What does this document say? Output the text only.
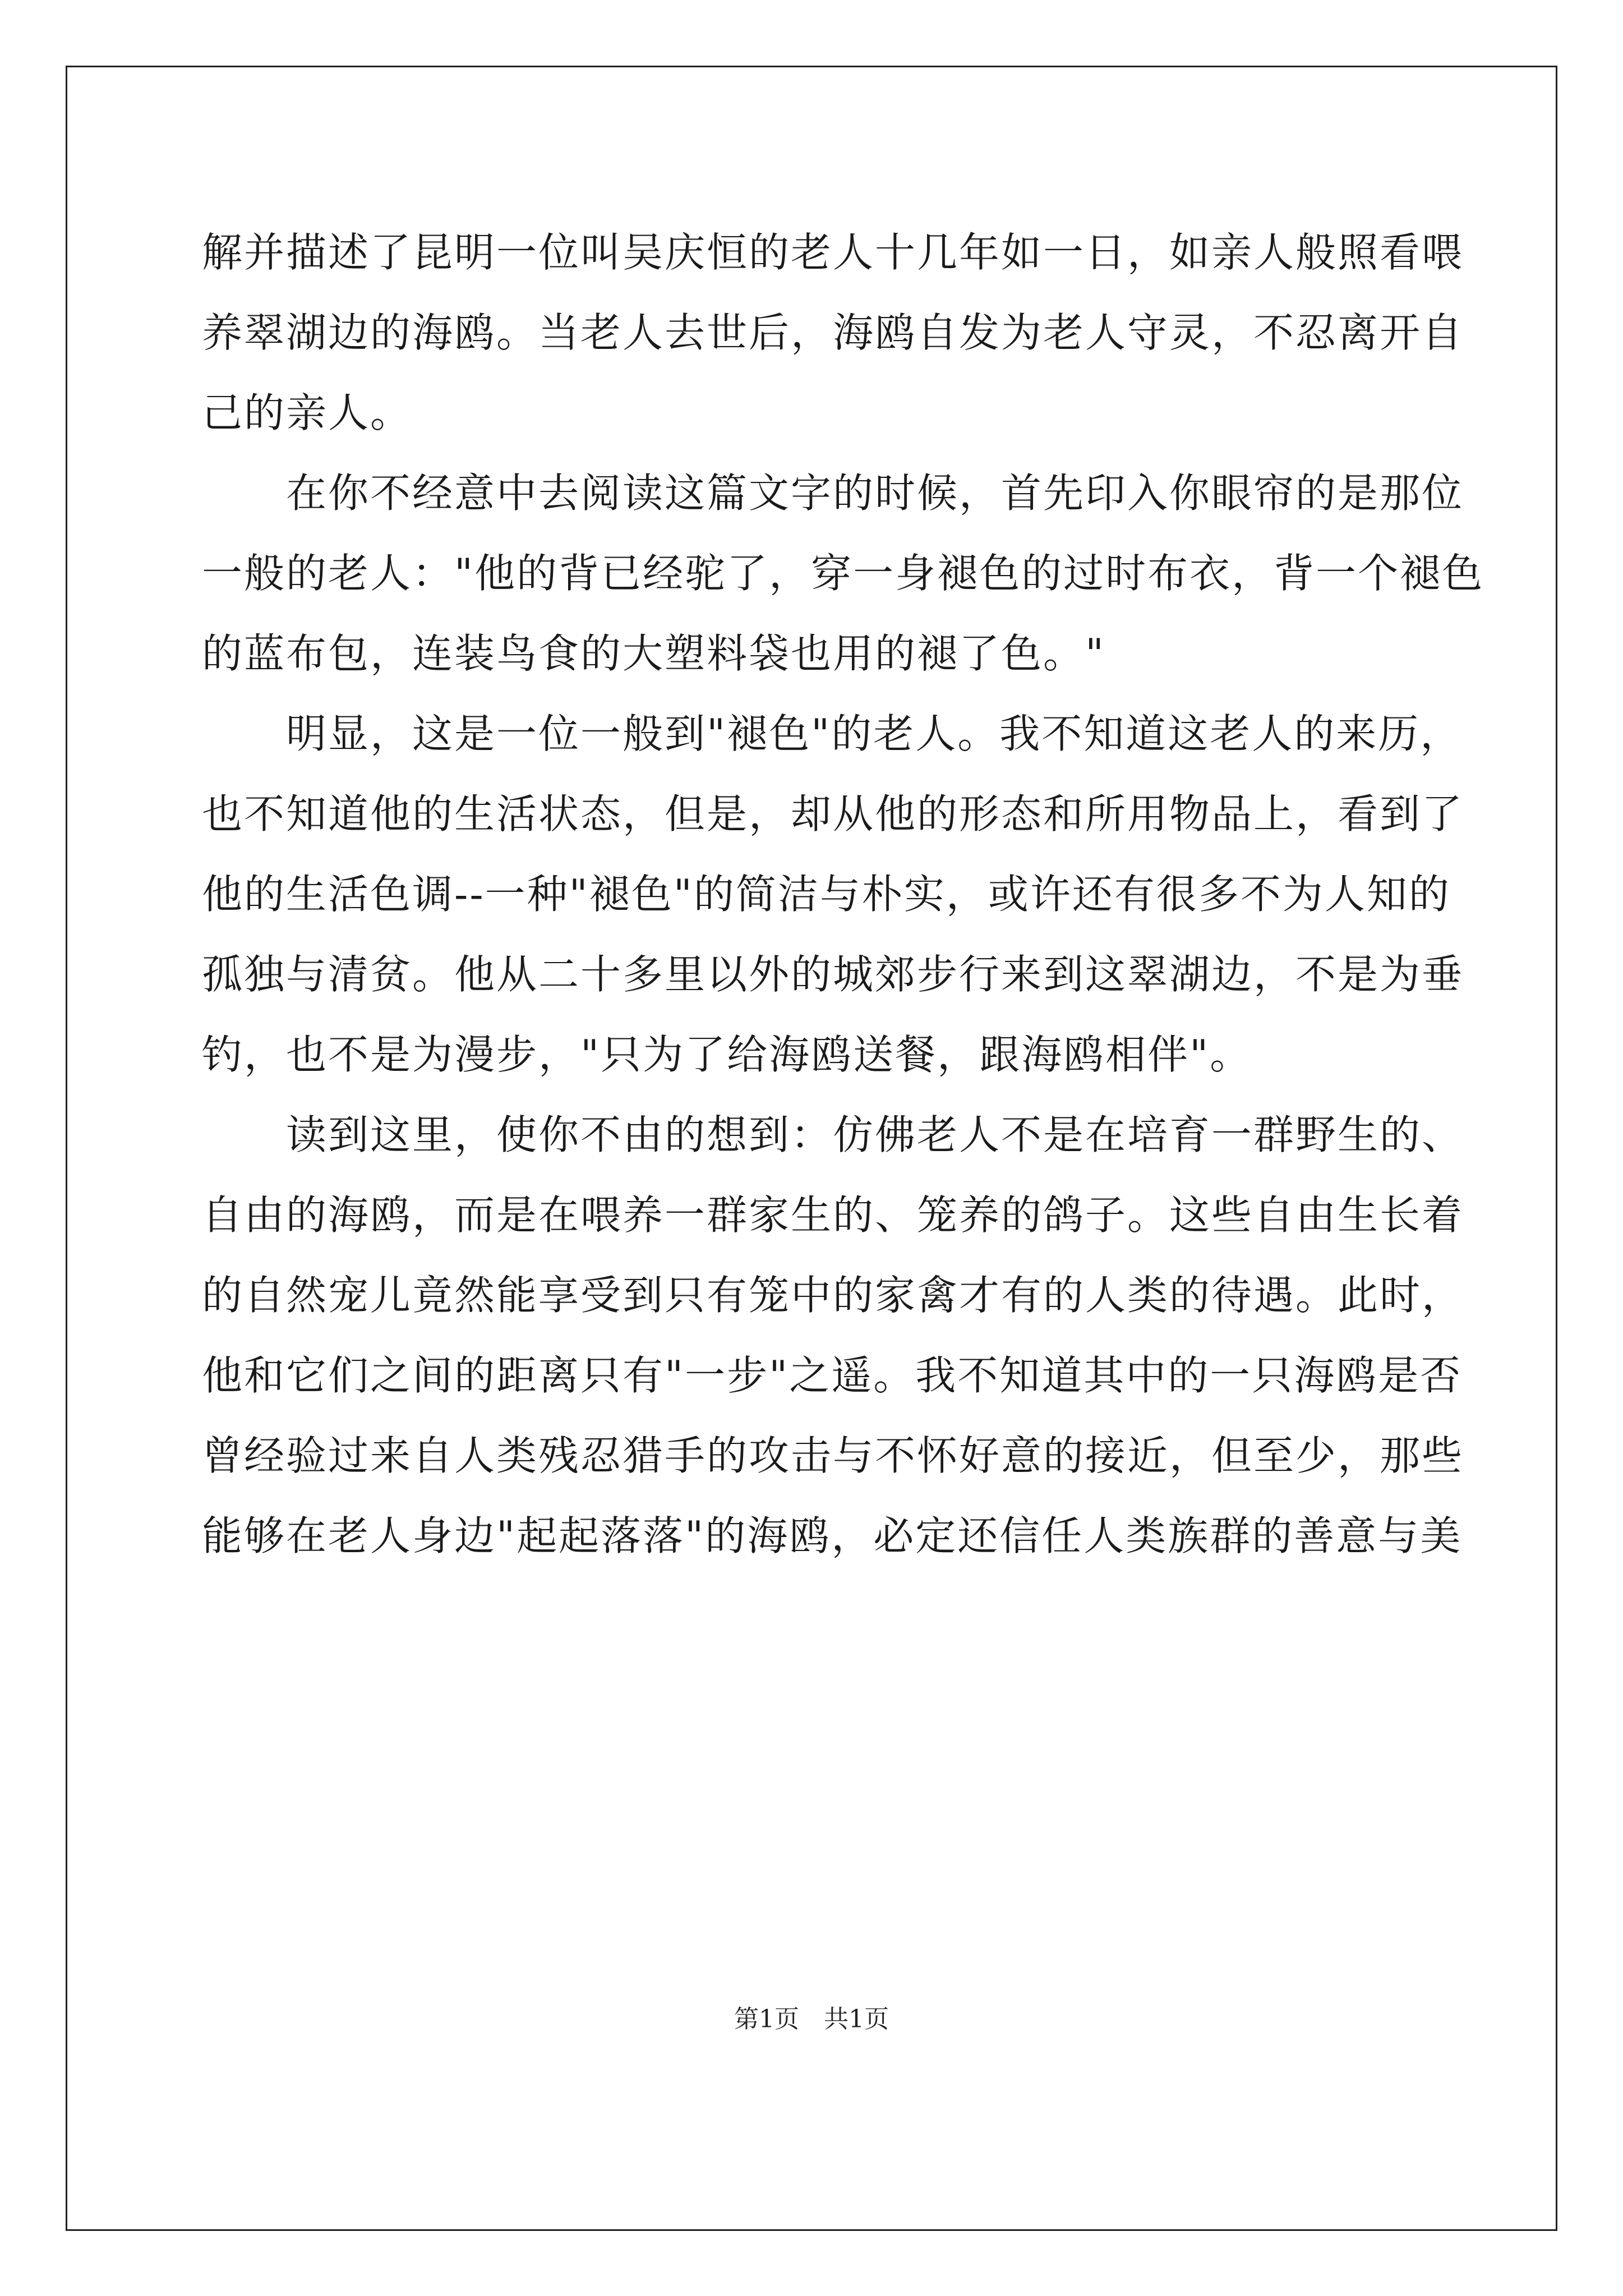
解并描述了昆明一位叫吴庆恒的老人十几年如一日，如亲人般照看喂
养翠湖边的海鸥。当老人去世后，海鸥自发为老人守灵，不忍离开自
己的亲人。
　　在你不经意中去阅读这篇文字的时候，首先印入你眼帘的是那位
一般的老人："他的背已经驼了，穿一身褪色的过时布衣，背一个褪色
的蓝布包，连装鸟食的大塑料袋也用的褪了色。"
　　明显，这是一位一般到"褪色"的老人。我不知道这老人的来历，
也不知道他的生活状态，但是，却从他的形态和所用物品上，看到了
他的生活色调--一种"褪色"的简洁与朴实，或许还有很多不为人知的
孤独与清贫。他从二十多里以外的城郊步行来到这翠湖边，不是为垂
钓，也不是为漫步，"只为了给海鸥送餐，跟海鸥相伴"。
　　读到这里，使你不由的想到：仿佛老人不是在培育一群野生的、
自由的海鸥，而是在喂养一群家生的、笼养的鸽子。这些自由生长着
的自然宠儿竟然能享受到只有笼中的家禽才有的人类的待遇。此时，
他和它们之间的距离只有"一步"之遥。我不知道其中的一只海鸥是否
曾经验过来自人类残忍猎手的攻击与不怀好意的接近，但至少，那些
能够在老人身边"起起落落"的海鸥，必定还信任人类族群的善意与美
第1页　共1页
